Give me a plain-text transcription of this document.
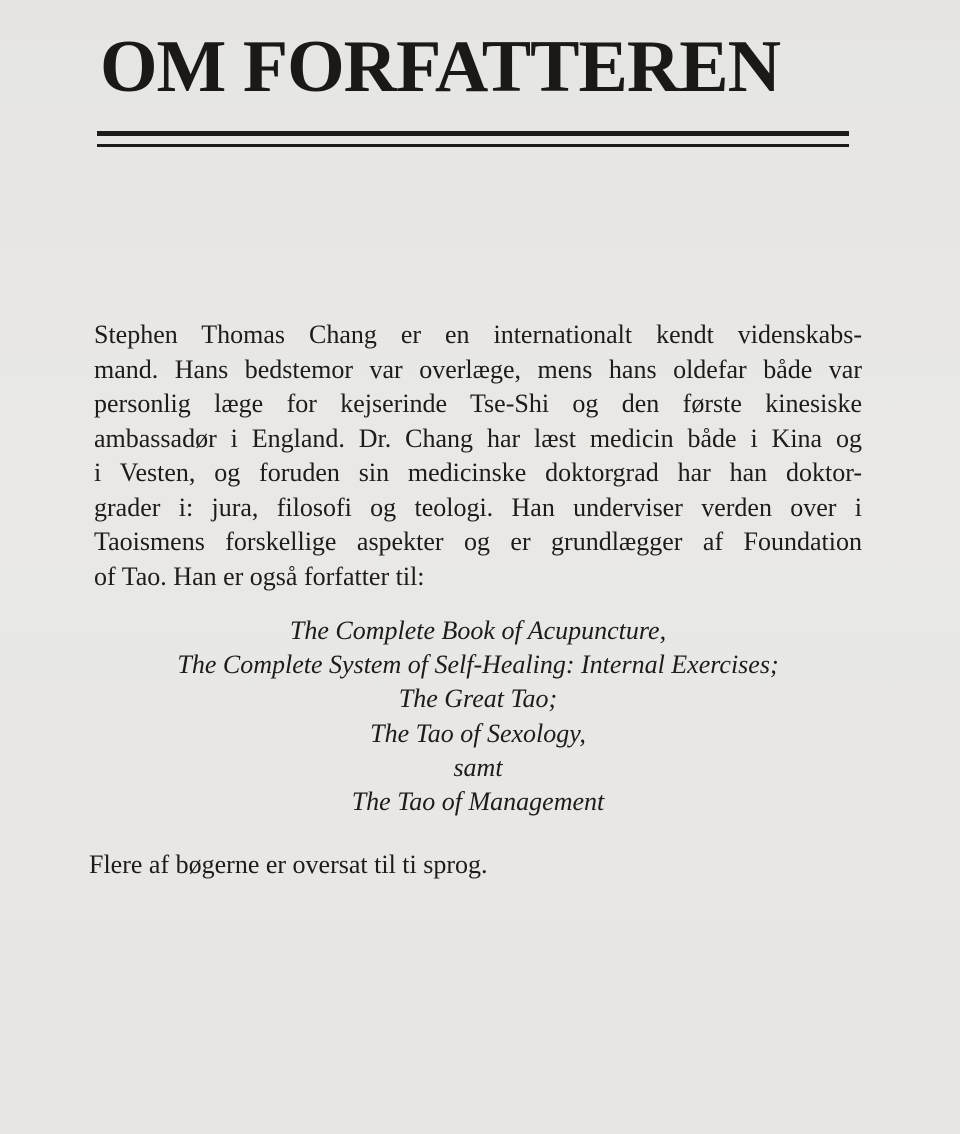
OM FORFATTEREN

Stephen Thomas Chang er en internationalt kendt videnskabs-
mand. Hans bedstemor var overlæge, mens hans oldefar både var
personlig læge for kejserinde Tse-Shi og den første kinesiske
ambassadør i England. Dr. Chang har læst medicin både i Kina og
i Vesten, og foruden sin medicinske doktorgrad har han doktor-
grader i: jura, filosofi og teologi. Han underviser verden over i
Taoismens forskellige aspekter og er grundlægger af Foundation
of Tao. Han er også forfatter til:

The Complete Book of Acupuncture,
The Complete System of Self-Healing: Internal Exercises;
The Great Tao;
The Tao of Sexology,
samt
The Tao of Management

Flere af bøgerne er oversat til ti sprog.
